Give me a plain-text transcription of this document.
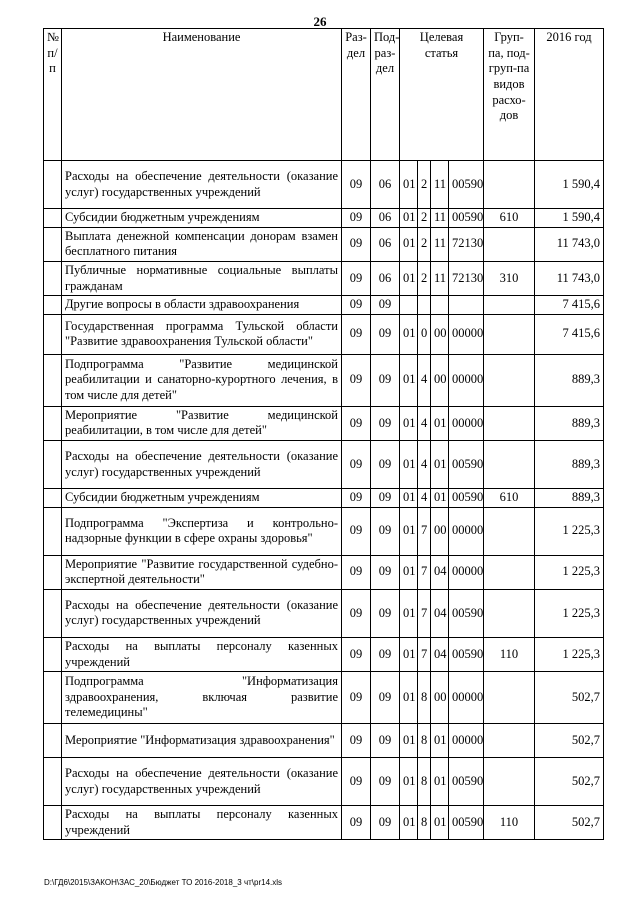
26
№ п/п	Наименование	Раз-дел	Под-раз-дел	Целевая статья				Груп-па, под-груп-па видов расхо-дов	2016 год
	Расходы на обеспечение деятельности (оказание услуг) государственных учреждений	09	06	01	2	11	00590		1 590,4
	Субсидии бюджетным учреждениям	09	06	01	2	11	00590	610	1 590,4
	Выплата денежной компенсации донорам взамен бесплатного питания	09	06	01	2	11	72130		11 743,0
	Публичные нормативные социальные выплаты гражданам	09	06	01	2	11	72130	310	11 743,0
	Другие вопросы в области здравоохранения	09	09						7 415,6
	Государственная программа Тульской области "Развитие здравоохранения Тульской области"	09	09	01	0	00	00000		7 415,6
	Подпрограмма "Развитие медицинской реабилитации и санаторно-курортного лечения, в том числе для детей"	09	09	01	4	00	00000		889,3
	Мероприятие "Развитие медицинской реабилитации, в том числе для детей"	09	09	01	4	01	00000		889,3
	Расходы на обеспечение деятельности (оказание услуг) государственных учреждений	09	09	01	4	01	00590		889,3
	Субсидии бюджетным учреждениям	09	09	01	4	01	00590	610	889,3
	Подпрограмма "Экспертиза и контрольно-надзорные функции в сфере охраны здоровья"	09	09	01	7	00	00000		1 225,3
	Мероприятие "Развитие государственной судебно-экспертной деятельности"	09	09	01	7	04	00000		1 225,3
	Расходы на обеспечение деятельности (оказание услуг) государственных учреждений	09	09	01	7	04	00590		1 225,3
	Расходы на выплаты персоналу казенных учреждений	09	09	01	7	04	00590	110	1 225,3
	Подпрограмма "Информатизация здравоохранения, включая развитие телемедицины"	09	09	01	8	00	00000		502,7
	Мероприятие "Информатизация здравоохранения"	09	09	01	8	01	00000		502,7
	Расходы на обеспечение деятельности (оказание услуг) государственных учреждений	09	09	01	8	01	00590		502,7
	Расходы на выплаты персоналу казенных учреждений	09	09	01	8	01	00590	110	502,7
D:\ГД6\2015\ЗАКОН\ЗАС_20\Бюджет ТО 2016-2018_3 чт\pr14.xls
